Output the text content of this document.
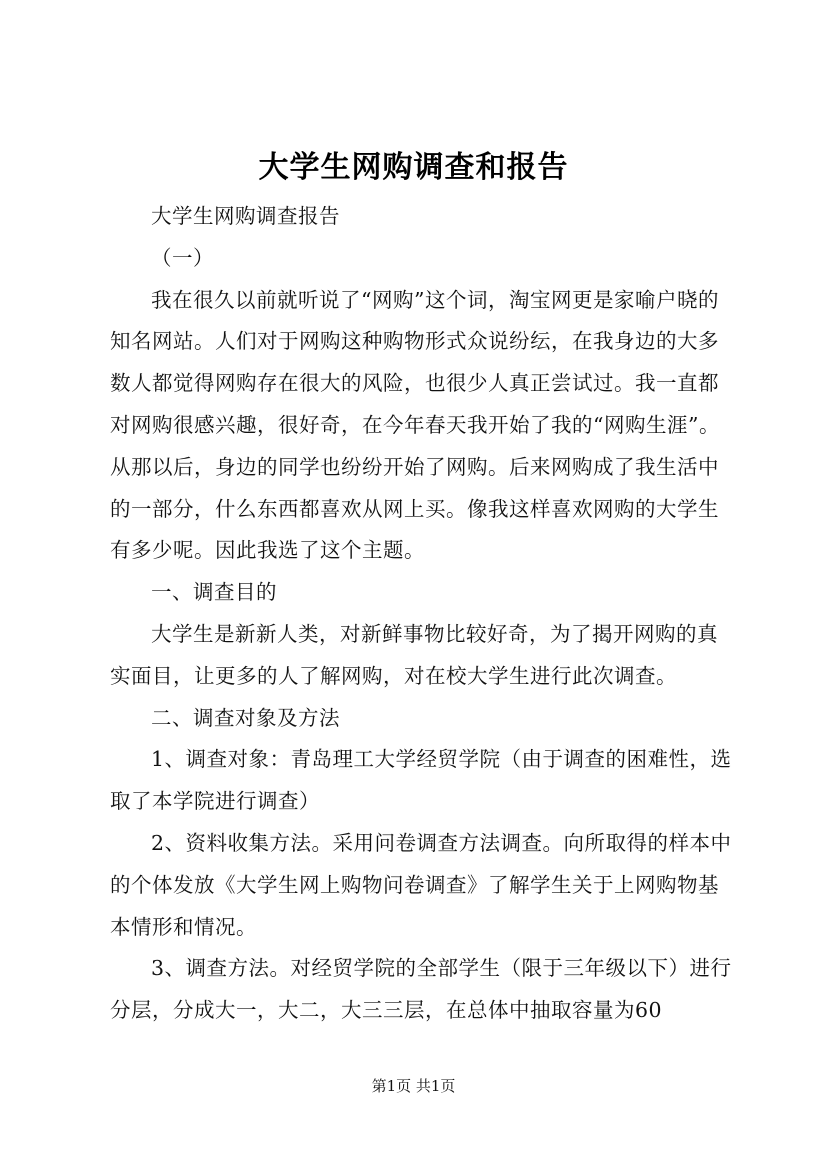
大学生网购调查和报告

大学生网购调查报告

（一）

我在很久以前就听说了“网购”这个词，淘宝网更是家喻户晓的知名网站。人们对于网购这种购物形式众说纷纭，在我身边的大多数人都觉得网购存在很大的风险，也很少人真正尝试过。我一直都对网购很感兴趣，很好奇，在今年春天我开始了我的“网购生涯”。从那以后，身边的同学也纷纷开始了网购。后来网购成了我生活中的一部分，什么东西都喜欢从网上买。像我这样喜欢网购的大学生有多少呢。因此我选了这个主题。

一、调查目的

大学生是新新人类，对新鲜事物比较好奇，为了揭开网购的真实面目，让更多的人了解网购，对在校大学生进行此次调查。

二、调查对象及方法

1、调查对象：青岛理工大学经贸学院（由于调查的困难性，选取了本学院进行调查）

2、资料收集方法。采用问卷调查方法调查。向所取得的样本中的个体发放《大学生网上购物问卷调查》了解学生关于上网购物基本情形和情况。

3、调查方法。对经贸学院的全部学生（限于三年级以下）进行分层，分成大一，大二，大三三层，在总体中抽取容量为60

第1页 共1页
